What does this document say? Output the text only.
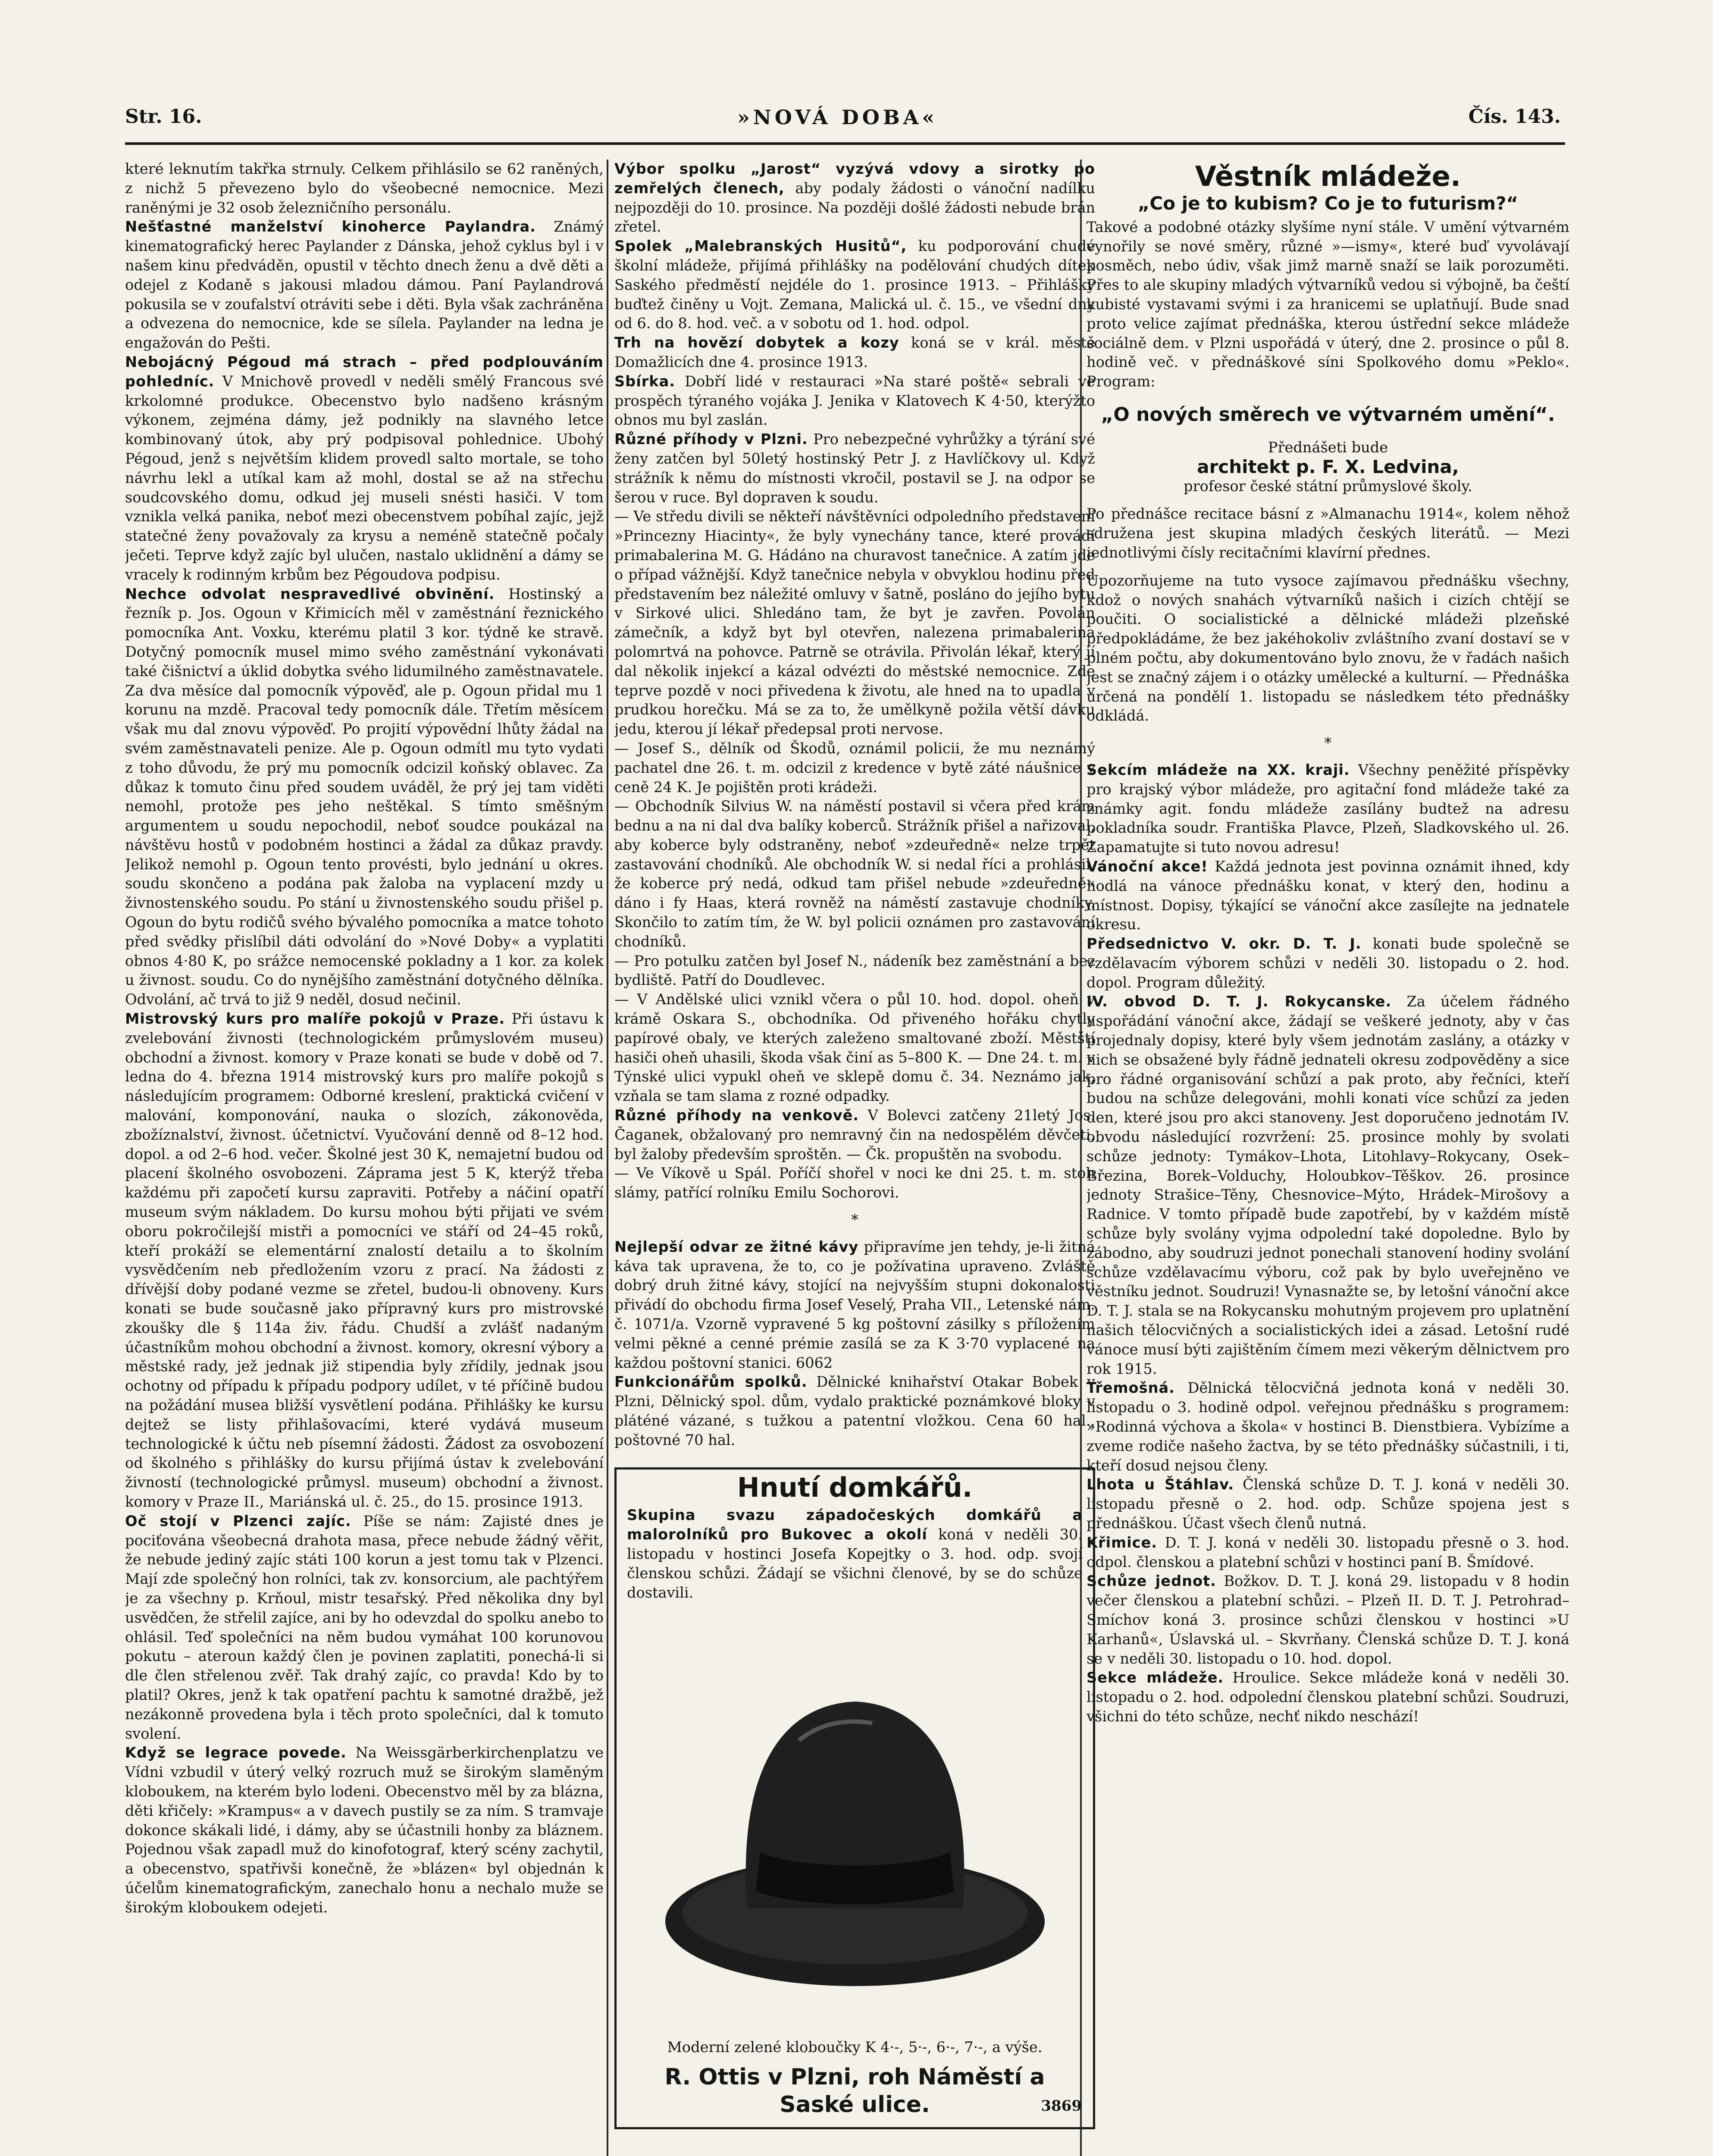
Str. 16.	»NOVÁ DOBA«	Čís. 143.

které leknutím takřka strnuly. Celkem přihlásilo se 62 raněných, z nichž 5 převezeno bylo do všeobecné nemocnice. Mezi raněnými je 32 osob železničního personálu.

Nešťastné manželství kinoherce Paylandra. Známý kinematografický herec Paylander z Dánska, jehož cyklus byl i v našem kinu předváděn, opustil v těchto dnech ženu a dvě děti a odejel z Kodaně s jakousi mladou dámou. Paní Paylandrová pokusila se v zoufalství otráviti sebe i děti. Byla však zachráněna a odvezena do nemocnice, kde se sílela. Paylander na ledna je engažován do Pešti.

Nebojácný Pégoud má strach – před podplouváním pohledníc. V Mnichově provedl v neděli smělý Francous své krkolomné produkce. Obecenstvo bylo nadšeno krásným výkonem, zejména dámy, jež podnikly na slavného letce kombinovaný útok, aby prý podpisoval pohlednice. Ubohý Pégoud, jenž s největším klidem provedl salto mortale, se toho návrhu lekl a utíkal kam až mohl, dostal se až na střechu soudcovského domu, odkud jej museli snésti hasiči. V tom vznikla velká panika, neboť mezi obecenstvem pobíhal zajíc, jejž statečné ženy považovaly za krysu a neméně statečně počaly ječeti. Teprve když zajíc byl ulučen, nastalo uklidnění a dámy se vracely k rodinným krbům bez Pégoudova podpisu.

Nechce odvolat nespravedlivé obvinění. Hostinský a řezník p. Jos. Ogoun v Křimicích měl v zaměstnání řeznického pomocníka Ant. Voxku, kterému platil 3 kor. týdně ke stravě. Dotyčný pomocník musel mimo svého zaměstnání vykonávati také čišnictví a úklid dobytka svého lidumilného zaměstnavatele. Za dva měsíce dal pomocník výpověď, ale p. Ogoun přidal mu 1 korunu na mzdě. Pracoval tedy pomocník dále. Třetím měsícem však mu dal znovu výpověď. Po projití výpovědní lhůty žádal na svém zaměstnavateli penize. Ale p. Ogoun odmítl mu tyto vydati z toho důvodu, že prý mu pomocník odcizil koňský oblavec. Za důkaz k tomuto činu před soudem uváděl, že prý jej tam viděti nemohl, protože pes jeho neštěkal. S tímto směšným argumentem u soudu nepochodil, neboť soudce poukázal na návštěvu hostů v podobném hostinci a žádal za důkaz pravdy. Jelikož nemohl p. Ogoun tento provésti, bylo jednání u okres. soudu skončeno a podána pak žaloba na vyplacení mzdy u živnostenského soudu. Po stání u živnostenského soudu přišel p. Ogoun do bytu rodičů svého bývalého pomocníka a matce tohoto před svědky přislíbil dáti odvolání do »Nové Doby« a vyplatiti obnos 4·80 K, po srážce nemocenské pokladny a 1 kor. za kolek u živnost. soudu. Co do nynějšího zaměstnání dotyčného dělníka. Odvolání, ač trvá to již 9 neděl, dosud nečinil.

Mistrovský kurs pro malíře pokojů v Praze. Při ústavu k zvelebování živnosti (technologickém průmyslovém museu) obchodní a živnost. komory v Praze konati se bude v době od 7. ledna do 4. března 1914 mistrovský kurs pro malíře pokojů s následujícím programem: Odborné kreslení, praktická cvičení v malování, komponování, nauka o slozích, zákonověda, zbožíznalství, živnost. účetnictví. Vyučování denně od 8–12 hod. dopol. a od 2–6 hod. večer. Školné jest 30 K, nemajetní budou od placení školného osvobozeni. Záprama jest 5 K, kterýž třeba každému při započetí kursu zapraviti. Potřeby a náčiní opatří museum svým nákladem. Do kursu mohou býti přijati ve svém oboru pokročilejší mistři a pomocníci ve stáří od 24–45 roků, kteří prokáží se elementární znalostí detailu a to školním vysvědčením neb předložením vzoru z prací. Na žádosti z dřívější doby podané vezme se zřetel, budou-li obnoveny. Kurs konati se bude současně jako přípravný kurs pro mistrovské zkoušky dle § 114a živ. řádu. Chudší a zvlášť nadaným účastníkům mohou obchodní a živnost. komory, okresní výbory a městské rady, jež jednak již stipendia byly zřídily, jednak jsou ochotny od případu k případu podpory udílet, v té příčině budou na požádání musea bližší vysvětlení podána. Přihlášky ke kursu dejtež se listy přihlašovacími, které vydává museum technologické k účtu neb písemní žádosti. Žádost za osvobození od školného s přihlášky do kursu přijímá ústav k zvelebování živností (technologické průmysl. museum) obchodní a živnost. komory v Praze II., Mariánská ul. č. 25., do 15. prosince 1913.

Oč stojí v Plzenci zajíc. Píše se nám: Zajisté dnes je pociťována všeobecná drahota masa, přece nebude žádný věřit, že nebude jediný zajíc státi 100 korun a jest tomu tak v Plzenci. Mají zde společný hon rolníci, tak zv. konsorcium, ale pachtýřem je za všechny p. Krňoul, mistr tesařský. Před několika dny byl usvědčen, že střelil zajíce, ani by ho odevzdal do spolku anebo to ohlásil. Teď společníci na něm budou vymáhat 100 korunovou pokutu – ateroun každý člen je povinen zaplatiti, ponechá-li si dle člen střelenou zvěř. Tak drahý zajíc, co pravda! Kdo by to platil? Okres, jenž k tak opatření pachtu k samotné dražbě, jež nezákonně provedena byla i těch proto společníci, dal k tomuto svolení.

Když se legrace povede. Na Weissgärberkirchenplatzu ve Vídni vzbudil v úterý velký rozruch muž se širokým slaměným kloboukem, na kterém bylo lodeni. Obecenstvo měl by za blázna, děti křičely: »Krampus« a v davech pustily se za ním. S tramvaje dokonce skákali lidé, i dámy, aby se účastnili honby za bláznem. Pojednou však zapadl muž do kinofotograf, který scény zachytil, a obecenstvo, spatřivši konečně, že »blázen« byl objednán k účelům kinematografickým, zanechalo honu a nechalo muže se širokým kloboukem odejeti.

Výbor spolku „Jarost“ vyzývá vdovy a sirotky po zemřelých členech, aby podaly žádosti o vánoční nadílku nejpozději do 10. prosince. Na později došlé žádosti nebude brán zřetel.

Spolek „Malebranských Husitů“, ku podporování chudé školní mládeže, přijímá přihlášky na podělování chudých dítek Saského předměstí nejdéle do 1. prosince 1913. – Přihlášky buďtež činěny u Vojt. Zemana, Malická ul. č. 15., ve všední dny od 6. do 8. hod. več. a v sobotu od 1. hod. odpol.

Trh na hovězí dobytek a kozy koná se v král. městě Domažlicích dne 4. prosince 1913.

Sbírka. Dobří lidé v restauraci »Na staré poště« sebrali ve prospěch týraného vojáka J. Jenika v Klatovech K 4·50, kterýžto obnos mu byl zaslán.

Různé příhody v Plzni. Pro nebezpečné vyhrůžky a týrání své ženy zatčen byl 50letý hostinský Petr J. z Havlíčkovy ul. Když strážník k němu do místnosti vkročil, postavil se J. na odpor se šerou v ruce. Byl dopraven k soudu.

— Ve středu divili se někteří návštěvníci odpoledního představení »Princezny Hiacinty«, že byly vynechány tance, které provádí primabalerina M. G. Hádáno na churavost tanečnice. A zatím jde o případ vážnější. Když tanečnice nebyla v obvyklou hodinu před představením bez náležité omluvy v šatně, posláno do jejího bytu v Sirkové ulici. Shledáno tam, že byt je zavřen. Povolán zámečník, a když byt byl otevřen, nalezena primabalerina polomrtvá na pohovce. Patrně se otrávila. Přivolán lékař, který jí dal několik injekcí a kázal odvézti do městské nemocnice. Zde teprve pozdě v noci přivedena k životu, ale hned na to upadla v prudkou horečku. Má se za to, že umělkyně požila větší dávku jedu, kterou jí lékař předepsal proti nervose.

— Josef S., dělník od Škodů, oznámil policii, že mu neznámý pachatel dne 26. t. m. odcizil z kredence v bytě záté náušnice v ceně 24 K. Je pojištěn proti krádeži.

— Obchodník Silvius W. na náměstí postavil si včera před krám bednu a na ni dal dva balíky koberců. Strážník přišel a nařizoval, aby koberce byly odstraněny, neboť »zdeuředně« nelze trpět zastavování chodníků. Ale obchodník W. si nedal říci a prohlásil, že koberce prý nedá, odkud tam přišel nebude »zdeuředně« dáno i fy Haas, která rovněž na náměstí zastavuje chodníky. Skončilo to zatím tím, že W. byl policii oznámen pro zastavování chodníků.

— Pro potulku zatčen byl Josef N., nádeník bez zaměstnání a bez bydliště. Patří do Doudlevec.

— V Andělské ulici vznikl včera o půl 10. hod. dopol. oheň v krámě Oskara S., obchodníka. Od přiveného hořáku chytly papírové obaly, ve kterých zaleženo smaltované zboží. Městští hasiči oheň uhasili, škoda však činí as 5–800 K. — Dne 24. t. m. v Týnské ulici vypukl oheň ve sklepě domu č. 34. Neznámo jak, vzňala se tam slama z rozné odpadky.

Různé příhody na venkově. V Bolevci zatčeny 21letý Jos. Čaganek, obžalovaný pro nemravný čin na nedospělém děvčeti, byl žaloby především sproštěn. — Čk. propuštěn na svobodu.

— Ve Víkově u Spál. Poříčí shořel v noci ke dni 25. t. m. stoh slámy, patřící rolníku Emilu Sochorovi.

*

Nejlepší odvar ze žitné kávy připravíme jen tehdy, je-li žitná káva tak upravena, že to, co je požívatina upraveno. Zvláště dobrý druh žitné kávy, stojící na nejvyšším stupni dokonalosti přivádí do obchodu firma Josef Veselý, Praha VII., Letenské nám. č. 1071/a. Vzorně vypravené 5 kg poštovní zásilky s příložením velmi pěkné a cenné prémie zasílá se za K 3·70 vyplacené na každou poštovní stanici. 6062

Funkcionářům spolků. Dělnické knihařství Otakar Bobek v Plzni, Dělnický spol. dům, vydalo praktické poznámkové bloky v pláténé vázané, s tužkou a patentní vložkou. Cena 60 hal., poštovné 70 hal.

Hnutí domkářů.

Skupina svazu západočeských domkářů a malorolníků pro Bukovec a okolí koná v neděli 30. listopadu v hostinci Josefa Kopejtky o 3. hod. odp. svojí členskou schůzi. Žádají se všichni členové, by se do schůze dostavili.

Moderní zelené kloboučky K 4·-, 5·-, 6·-, 7·-, a výše.

R. Ottis v Plzni, roh Náměstí a Saské ulice.	3869

Věstník mládeže.

„Co je to kubism? Co je to futurism?“

Takové a podobné otázky slyšíme nyní stále. V umění výtvarném vynořily se nové směry, různé »—ismy«, které buď vyvolávají posměch, nebo údiv, však jimž marně snaží se laik porozuměti. Přes to ale skupiny mladých výtvarníků vedou si výbojně, ba čeští kubisté vystavami svými i za hranicemi se uplatňují. Bude snad proto velice zajímat přednáška, kterou ústřední sekce mládeže sociálně dem. v Plzni uspořádá v úterý, dne 2. prosince o půl 8. hodině več. v přednáškové síni Spolkového domu »Peklo«. Program:

„O nových směrech ve výtvarném umění“.

Přednášeti bude

architekt p. F. X. Ledvina,

profesor české státní průmyslové školy.

Po přednášce recitace básní z »Almanachu 1914«, kolem něhož sdružena jest skupina mladých českých literátů. — Mezi jednotlivými čísly recitačními klavírní přednes.

Upozorňujeme na tuto vysoce zajímavou přednášku všechny, kdož o nových snahách výtvarníků našich i cizích chtějí se poučiti. O socialistické a dělnické mládeži plzeňské předpokládáme, že bez jakéhokoliv zvláštního zvaní dostaví se v plném počtu, aby dokumentováno bylo znovu, že v řadách našich jest se značný zájem i o otázky umělecké a kulturní. — Přednáška určená na pondělí 1. listopadu se následkem této přednášky odkládá.

*

Sekcím mládeže na XX. kraji. Všechny peněžité příspěvky pro krajský výbor mládeže, pro agitační fond mládeže také za známky agit. fondu mládeže zasílány budtež na adresu pokladníka soudr. Františka Plavce, Plzeň, Sladkovského ul. 26. Zapamatujte si tuto novou adresu!

Vánoční akce! Každá jednota jest povinna oznámit ihned, kdy hodlá na vánoce přednášku konat, v který den, hodinu a místnost. Dopisy, týkající se vánoční akce zasílejte na jednatele okresu.

Předsednictvo V. okr. D. T. J. konati bude společně se vzdělavacím výborem schůzi v neděli 30. listopadu o 2. hod. dopol. Program důležitý.

IV. obvod D. T. J. Rokycanske. Za účelem řádného uspořádání vánoční akce, žádají se veškeré jednoty, aby v čas projednaly dopisy, které byly všem jednotám zaslány, a otázky v nich se obsažené byly řádně jednateli okresu zodpověděny a sice pro řádné organisování schůzí a pak proto, aby řečníci, kteří budou na schůze delegováni, mohli konati více schůzí za jeden den, které jsou pro akci stanoveny. Jest doporučeno jednotám IV. obvodu následující rozvržení: 25. prosince mohly by svolati schůze jednoty: Tymákov–Lhota, Litohlavy–Rokycany, Osek–Březina, Borek–Volduchy, Holoubkov–Těškov. 26. prosince jednoty Strašice–Těny, Chesnovice–Mýto, Hrádek–Mirošovy a Radnice. V tomto případě bude zapotřebí, by v každém místě schůze byly svolány vyjma odpolední také dopoledne. Bylo by zábodno, aby soudruzi jednot ponechali stanovení hodiny svolání schůze vzdělavacímu výboru, což pak by bylo uveřejněno ve věstníku jednot. Soudruzi! Vynasnažte se, by letošní vánoční akce D. T. J. stala se na Rokycansku mohutným projevem pro uplatnění našich tělocvičných a socialistických idei a zásad. Letošní rudé vánoce musí býti zajištěním čímem mezi věkerým dělnictvem pro rok 1915.

Třemošná. Dělnická tělocvičná jednota koná v neděli 30. listopadu o 3. hodině odpol. veřejnou přednášku s programem: »Rodinná výchova a škola« v hostinci B. Dienstbiera. Vybízíme a zveme rodiče našeho žactva, by se této přednášky súčastnili, i ti, kteří dosud nejsou členy.

Lhota u Štáhlav. Členská schůze D. T. J. koná v neděli 30. listopadu přesně o 2. hod. odp. Schůze spojena jest s přednáškou. Účast všech členů nutná.

Křimice. D. T. J. koná v neděli 30. listopadu přesně o 3. hod. odpol. členskou a platební schůzi v hostinci paní B. Šmídové.

Schůze jednot. Božkov. D. T. J. koná 29. listopadu v 8 hodin večer členskou a platební schůzi. – Plzeň II. D. T. J. Petrohrad–Smíchov koná 3. prosince schůzi členskou v hostinci »U Karhanů«, Úslavská ul. – Skvrňany. Členská schůze D. T. J. koná se v neděli 30. listopadu o 10. hod. dopol.

Sekce mládeže. Hroulice. Sekce mládeže koná v neděli 30. listopadu o 2. hod. odpolední členskou platební schůzi. Soudruzi, všichni do této schůze, nechť nikdo neschází!
